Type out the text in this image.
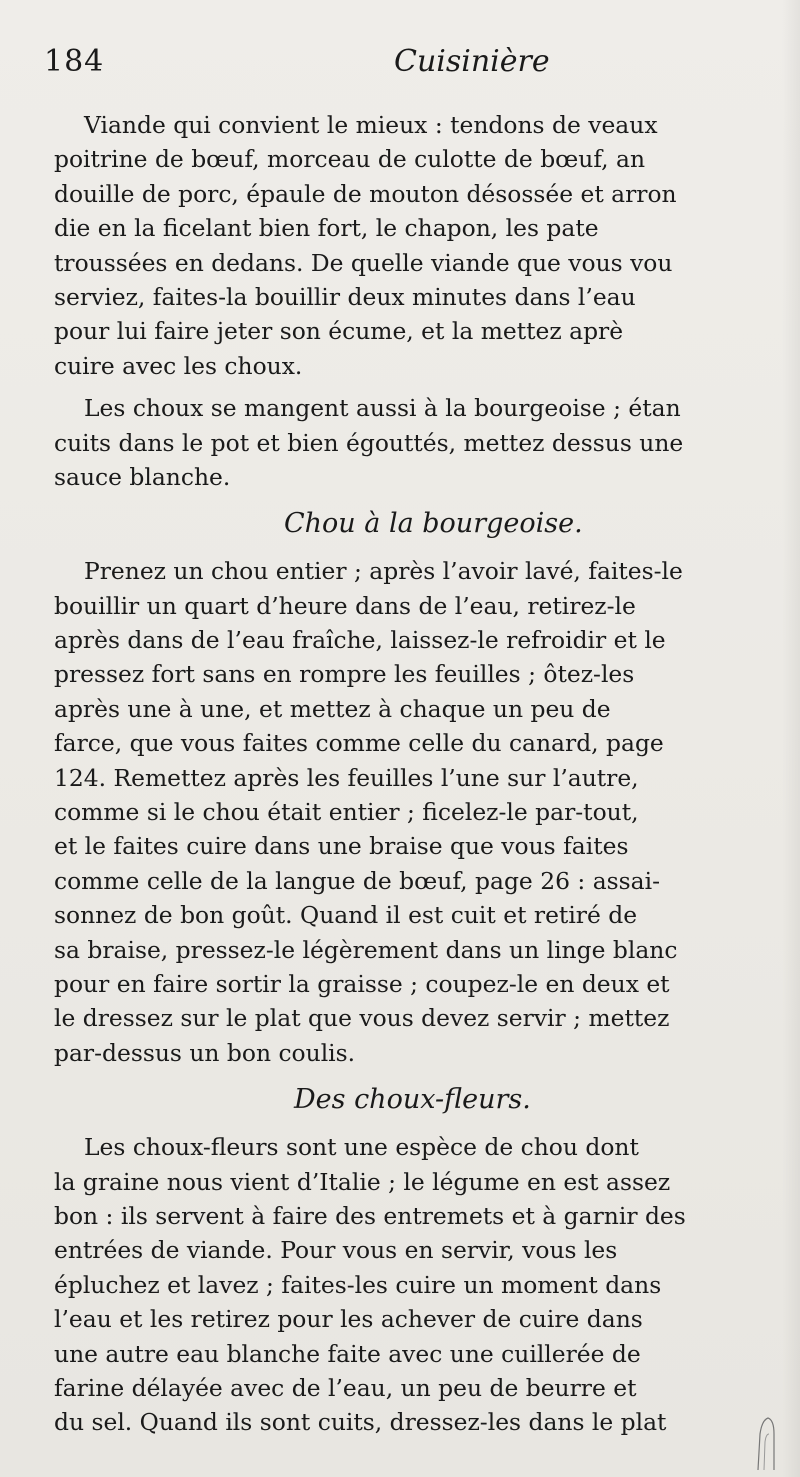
184	Cuisinière
Viande qui convient le mieux : tendons de veaux
poitrine de bœuf, morceau de culotte de bœuf, an
douille de porc, épaule de mouton désossée et arron
die en la ficelant bien fort, le chapon, les pate
troussées en dedans. De quelle viande que vous vou
serviez, faites-la bouillir deux minutes dans l’eau
pour lui faire jeter son écume, et la mettez aprè
cuire avec les choux.
Les choux se mangent aussi à la bourgeoise ; étan
cuits dans le pot et bien égouttés, mettez dessus une
sauce blanche.
Chou à la bourgeoise.
Prenez un chou entier ; après l’avoir lavé, faites-le
bouillir un quart d’heure dans de l’eau, retirez-le
après dans de l’eau fraîche, laissez-le refroidir et le
pressez fort sans en rompre les feuilles ; ôtez-les
après une à une, et mettez à chaque un peu de
farce, que vous faites comme celle du canard, page
124. Remettez après les feuilles l’une sur l’autre,
comme si le chou était entier ; ficelez-le par-tout,
et le faites cuire dans une braise que vous faites
comme celle de la langue de bœuf, page 26 : assai-
sonnez de bon goût. Quand il est cuit et retiré de
sa braise, pressez-le légèrement dans un linge blanc
pour en faire sortir la graisse ; coupez-le en deux et
le dressez sur le plat que vous devez servir ; mettez
par-dessus un bon coulis.
Des choux-fleurs.
Les choux-fleurs sont une espèce de chou dont
la graine nous vient d’Italie ; le légume en est assez
bon : ils servent à faire des entremets et à garnir des
entrées de viande. Pour vous en servir, vous les
épluchez et lavez ; faites-les cuire un moment dans
l’eau et les retirez pour les achever de cuire dans
une autre eau blanche faite avec une cuillerée de
farine délayée avec de l’eau, un peu de beurre et
du sel. Quand ils sont cuits, dressez-les dans le plat
